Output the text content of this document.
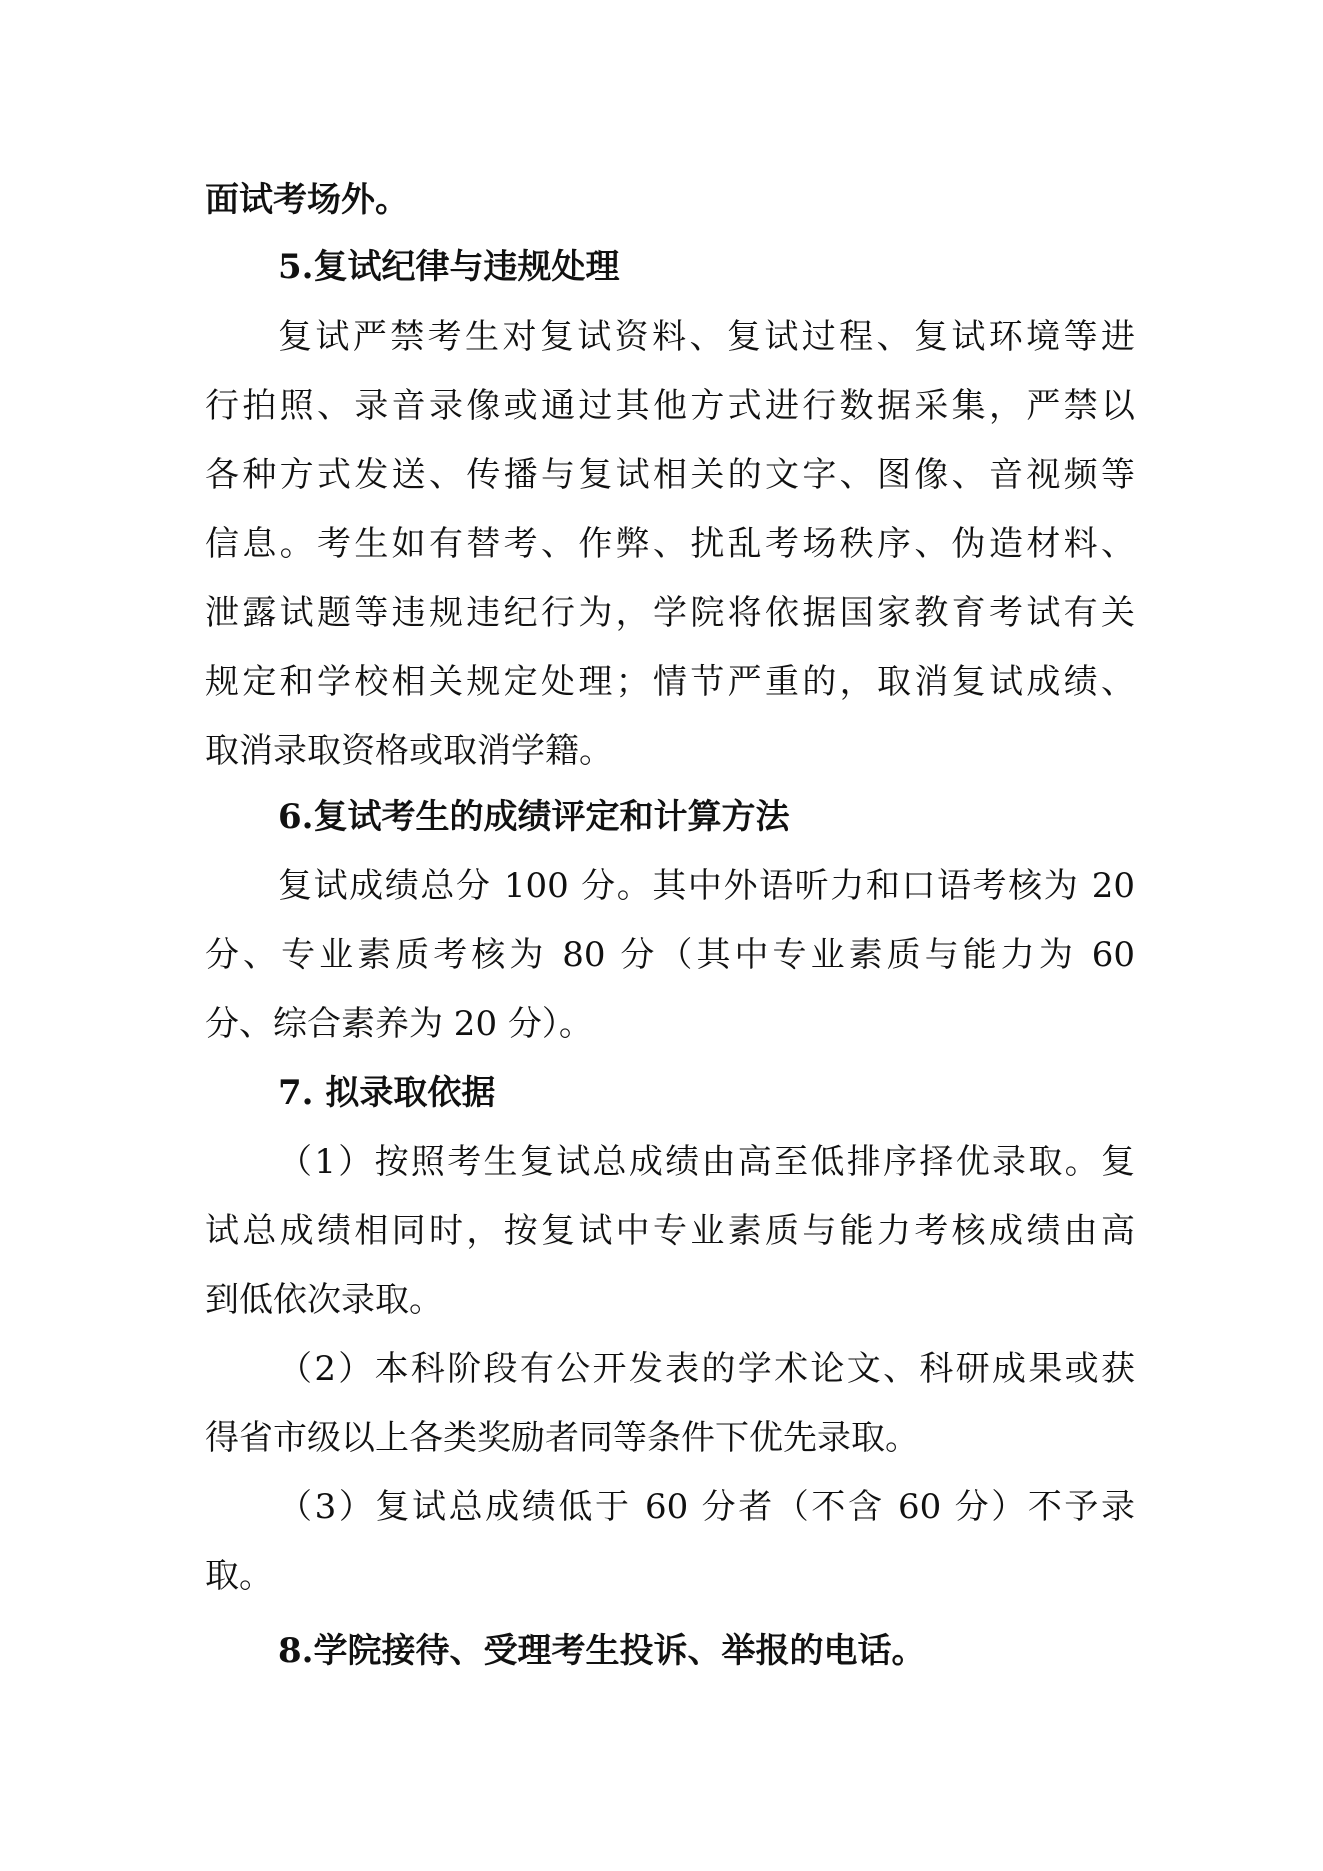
面试考场外。
5.复试纪律与违规处理
复试严禁考生对复试资料、复试过程、复试环境等进
行拍照、录音录像或通过其他方式进行数据采集，严禁以
各种方式发送、传播与复试相关的文字、图像、音视频等
信息。考生如有替考、作弊、扰乱考场秩序、伪造材料、
泄露试题等违规违纪行为，学院将依据国家教育考试有关
规定和学校相关规定处理；情节严重的，取消复试成绩、
取消录取资格或取消学籍。
6.复试考生的成绩评定和计算方法
复试成绩总分 100 分。其中外语听力和口语考核为 20
分、专业素质考核为 80 分（其中专业素质与能力为 60
分、综合素养为 20 分）。
7. 拟录取依据
（1）按照考生复试总成绩由高至低排序择优录取。复
试总成绩相同时，按复试中专业素质与能力考核成绩由高
到低依次录取。
（2）本科阶段有公开发表的学术论文、科研成果或获
得省市级以上各类奖励者同等条件下优先录取。
（3）复试总成绩低于 60 分者（不含 60 分）不予录
取。
8.学院接待、受理考生投诉、举报的电话。
